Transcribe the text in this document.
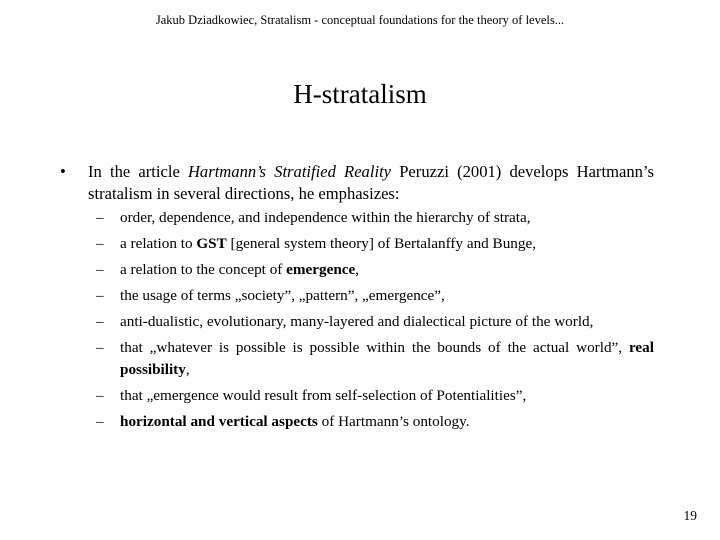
Jakub Dziadkowiec, Stratalism - conceptual foundations for the theory of levels...
H-stratalism
• In the article Hartmann’s Stratified Reality Peruzzi (2001) develops Hartmann’s stratalism in several directions, he emphasizes:
– order, dependence, and independence within the hierarchy of strata,
– a relation to GST [general system theory] of Bertalanffy and Bunge,
– a relation to the concept of emergence,
– the usage of terms „society”, „pattern”, „emergence”,
– anti-dualistic, evolutionary, many-layered and dialectical picture of the world,
– that „whatever is possible is possible within the bounds of the actual world”, real possibility,
– that „emergence would result from self-selection of Potentialities”,
– horizontal and vertical aspects of Hartmann’s ontology.
19
